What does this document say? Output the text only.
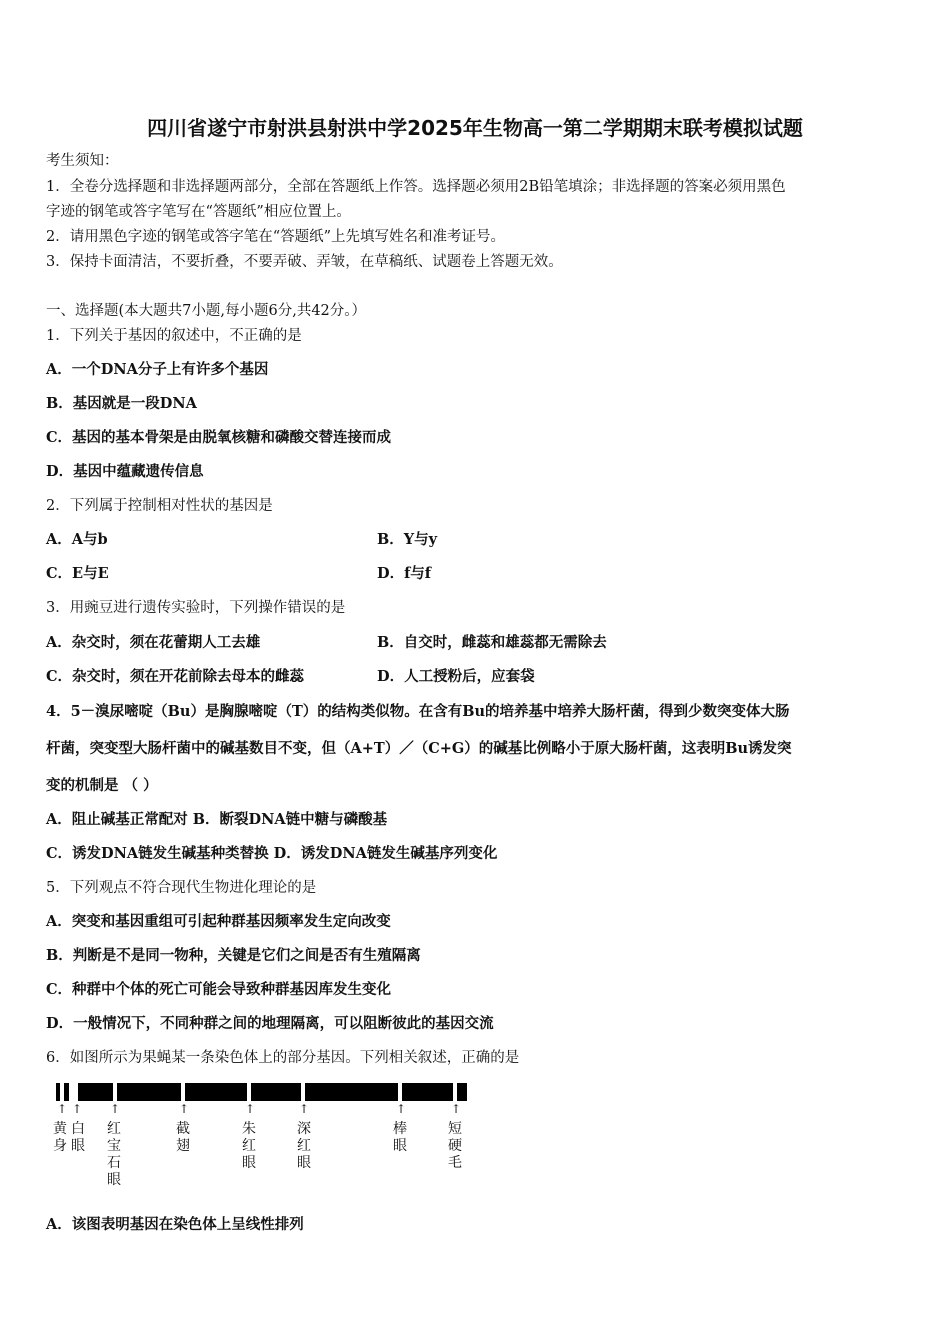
四川省遂宁市射洪县射洪中学2025年生物高一第二学期期末联考模拟试题
考生须知：
1．全卷分选择题和非选择题两部分，全部在答题纸上作答。选择题必须用2B铅笔填涂；非选择题的答案必须用黑色
字迹的钢笔或答字笔写在“答题纸”相应位置上。
2．请用黑色字迹的钢笔或答字笔在“答题纸”上先填写姓名和准考证号。
3．保持卡面清洁，不要折叠，不要弄破、弄皱，在草稿纸、试题卷上答题无效。
一、选择题(本大题共7小题,每小题6分,共42分。）
1．下列关于基因的叙述中，不正确的是
A．一个DNA分子上有许多个基因
B．基因就是一段DNA
C．基因的基本骨架是由脱氧核糖和磷酸交替连接而成
D．基因中蕴藏遗传信息
2．下列属于控制相对性状的基因是
A．A与b	B．Y与y
C．E与E	D．f与f
3．用豌豆进行遗传实验时，下列操作错误的是
A．杂交时，须在花蕾期人工去雄	B．自交时，雌蕊和雄蕊都无需除去
C．杂交时，须在开花前除去母本的雌蕊	D．人工授粉后，应套袋
4．5－溴尿嘧啶（Bu）是胸腺嘧啶（T）的结构类似物。在含有Bu的培养基中培养大肠杆菌，得到少数突变体大肠
杆菌，突变型大肠杆菌中的碱基数目不变，但（A+T）／（C+G）的碱基比例略小于原大肠杆菌，这表明Bu诱发突
变的机制是 （ ）
A．阻止碱基正常配对 B．断裂DNA链中糖与磷酸基
C．诱发DNA链发生碱基种类替换 D．诱发DNA链发生碱基序列变化
5．下列观点不符合现代生物进化理论的是
A．突变和基因重组可引起种群基因频率发生定向改变
B．判断是不是同一物种，关键是它们之间是否有生殖隔离
C．种群中个体的死亡可能会导致种群基因库发生变化
D．一般情况下，不同种群之间的地理隔离，可以阻断彼此的基因交流
6．如图所示为果蝇某一条染色体上的部分基因。下列相关叙述，正确的是
↑ ↑ ↑	↑	↑	↑	↑	↑
黄身
白眼
红宝石眼
截翅
朱红眼
深红眼
棒眼
短硬毛
A．该图表明基因在染色体上呈线性排列
